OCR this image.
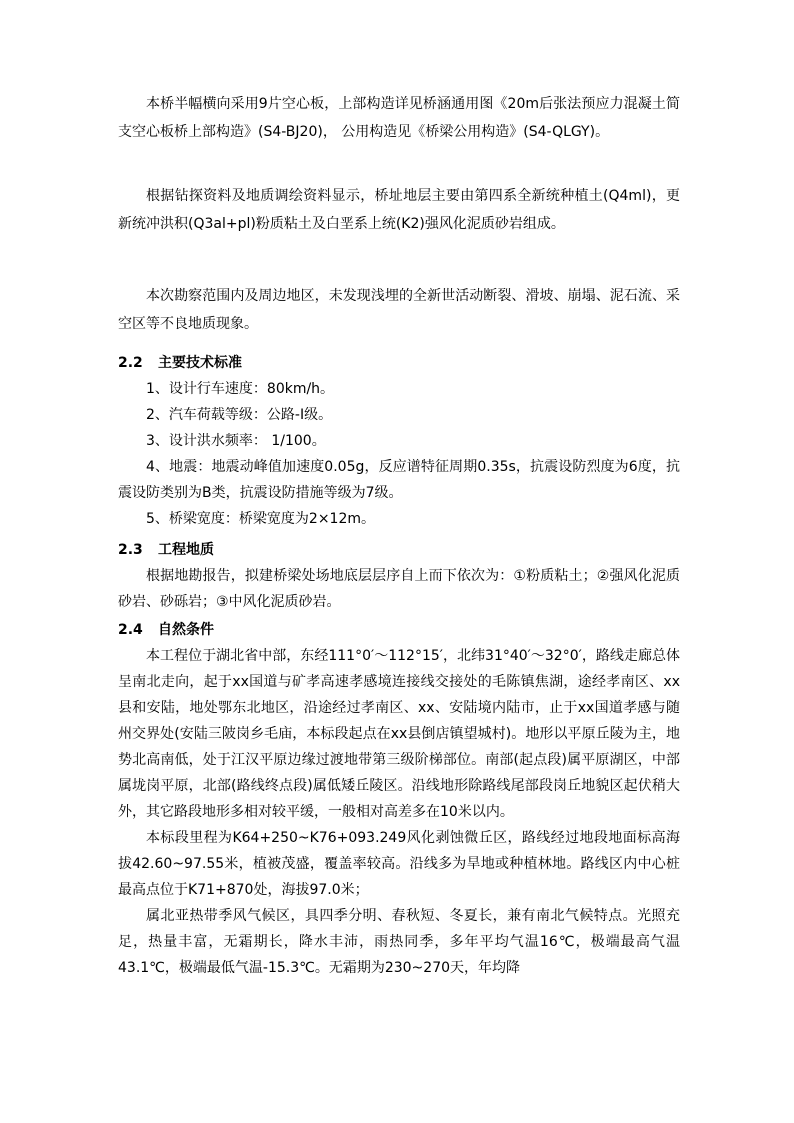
本桥半幅横向采用9片空心板，上部构造详见桥涵通用图《20m后张法预应力混凝土简支空心板桥上部构造》(S4-BJ20)， 公用构造见《桥梁公用构造》(S4-QLGY)。

根据钻探资料及地质调绘资料显示，桥址地层主要由第四系全新统种植土(Q4ml)，更新统冲洪积(Q3al+pl)粉质粘土及白垩系上统(K2)强风化泥质砂岩组成。

本次勘察范围内及周边地区，未发现浅埋的全新世活动断裂、滑坡、崩塌、泥石流、采空区等不良地质现象。

2.2 主要技术标准

1、设计行车速度：80km/h。

2、汽车荷载等级：公路-I级。

3、设计洪水频率： 1/100。

4、地震：地震动峰值加速度0.05g，反应谱特征周期0.35s，抗震设防烈度为6度，抗震设防类别为B类，抗震设防措施等级为7级。

5、桥梁宽度：桥梁宽度为2×12m。

2.3 工程地质

根据地勘报告，拟建桥梁处场地底层层序自上而下依次为：①粉质粘土；②强风化泥质砂岩、砂砾岩；③中风化泥质砂岩。

2.4 自然条件

本工程位于湖北省中部，东经111°0′～112°15′，北纬31°40′～32°0′，路线走廊总体呈南北走向，起于xx国道与矿孝高速孝感境连接线交接处的毛陈镇焦湖，途经孝南区、xx县和安陆，地处鄂东北地区，沿途经过孝南区、xx、安陆境内陆市，止于xx国道孝感与随州交界处(安陆三陂岗乡毛庙，本标段起点在xx县倒店镇望城村)。地形以平原丘陵为主，地势北高南低，处于江汉平原边缘过渡地带第三级阶梯部位。南部(起点段)属平原湖区，中部属垅岗平原，北部(路线终点段)属低矮丘陵区。沿线地形除路线尾部段岗丘地貌区起伏稍大外，其它路段地形多相对较平缓，一般相对高差多在10米以内。

本标段里程为K64+250~K76+093.249风化剥蚀微丘区，路线经过地段地面标高海拔42.60~97.55米，植被茂盛，覆盖率较高。沿线多为旱地或种植林地。路线区内中心桩最高点位于K71+870处，海拔97.0米；

属北亚热带季风气候区，具四季分明、春秋短、冬夏长，兼有南北气候特点。光照充足，热量丰富，无霜期长，降水丰沛，雨热同季，多年平均气温16℃，极端最高气温43.1℃，极端最低气温-15.3℃。无霜期为230~270天，年均降
